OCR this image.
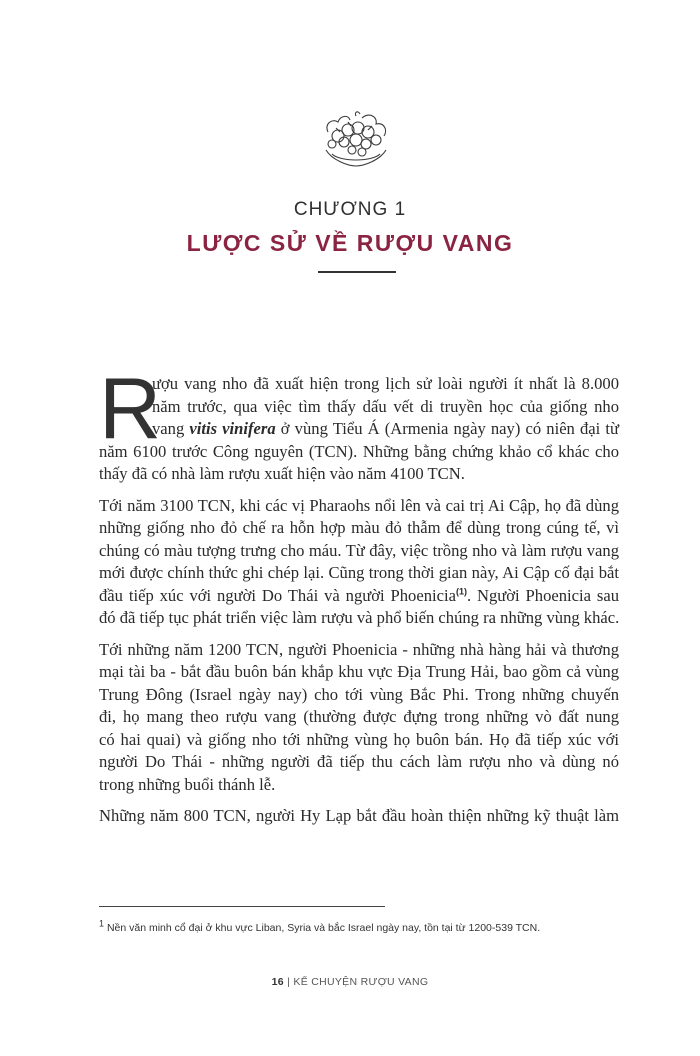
CHƯƠNG 1
LƯỢC SỬ VỀ RƯỢU VANG
R
ượu vang nho đã xuất hiện trong lịch sử loài người ít nhất là 8.000
năm trước, qua việc tìm thấy dấu vết di truyền học của giống nho
vang vitis vinifera ở vùng Tiểu Á (Armenia ngày nay) có niên đại từ
năm 6100 trước Công nguyên (TCN). Những bằng chứng khảo cổ khác cho
thấy đã có nhà làm rượu xuất hiện vào năm 4100 TCN.
Tới năm 3100 TCN, khi các vị Pharaohs nổi lên và cai trị Ai Cập, họ đã dùng
những giống nho đỏ chế ra hỗn hợp màu đỏ thẫm để dùng trong cúng tế, vì
chúng có màu tượng trưng cho máu. Từ đây, việc trồng nho và làm rượu vang
mới được chính thức ghi chép lại. Cũng trong thời gian này, Ai Cập cố đại bắt
đầu tiếp xúc với người Do Thái và người Phoenicia$^{(1)}$. Người Phoenicia sau
đó đã tiếp tục phát triển việc làm rượu và phổ biến chúng ra những vùng khác.
Tới những năm 1200 TCN, người Phoenicia - những nhà hàng hải và thương
mại tài ba - bắt đầu buôn bán khắp khu vực Địa Trung Hải, bao gồm cả vùng
Trung Đông (Israel ngày nay) cho tới vùng Bắc Phi. Trong những chuyến
đi, họ mang theo rượu vang (thường được đựng trong những vò đất nung
có hai quai) và giống nho tới những vùng họ buôn bán. Họ đã tiếp xúc với
người Do Thái - những người đã tiếp thu cách làm rượu nho và dùng nó
trong những buổi thánh lễ.
Những năm 800 TCN, người Hy Lạp bắt đầu hoàn thiện những kỹ thuật làm
$^1$ Nền văn minh cổ đại ở khu vực Liban, Syria và bắc Israel ngày nay, tồn tại từ 1200-539 TCN.
16 | KỂ CHUYỆN RƯỢU VANG
